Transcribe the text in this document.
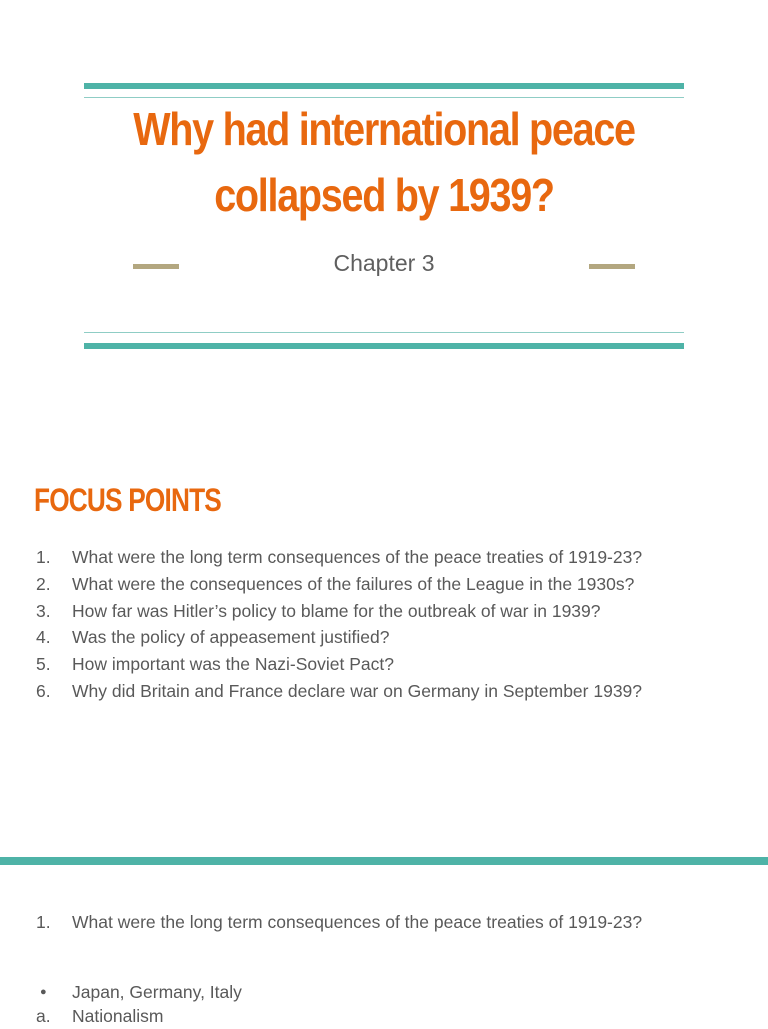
Why had international peace collapsed by 1939?
Chapter 3
FOCUS POINTS
1.	What were the long term consequences of the peace treaties of 1919-23?
2.	What were the consequences of the failures of the League in the 1930s?
3.	How far was Hitler’s policy to blame for the outbreak of war in 1939?
4.	Was the policy of appeasement justified?
5.	How important was the Nazi-Soviet Pact?
6.	Why did Britain and France declare war on Germany in September 1939?
1. What were the long term consequences of the peace treaties of 1919-23?
● Japan, Germany, Italy
a. Nationalism
